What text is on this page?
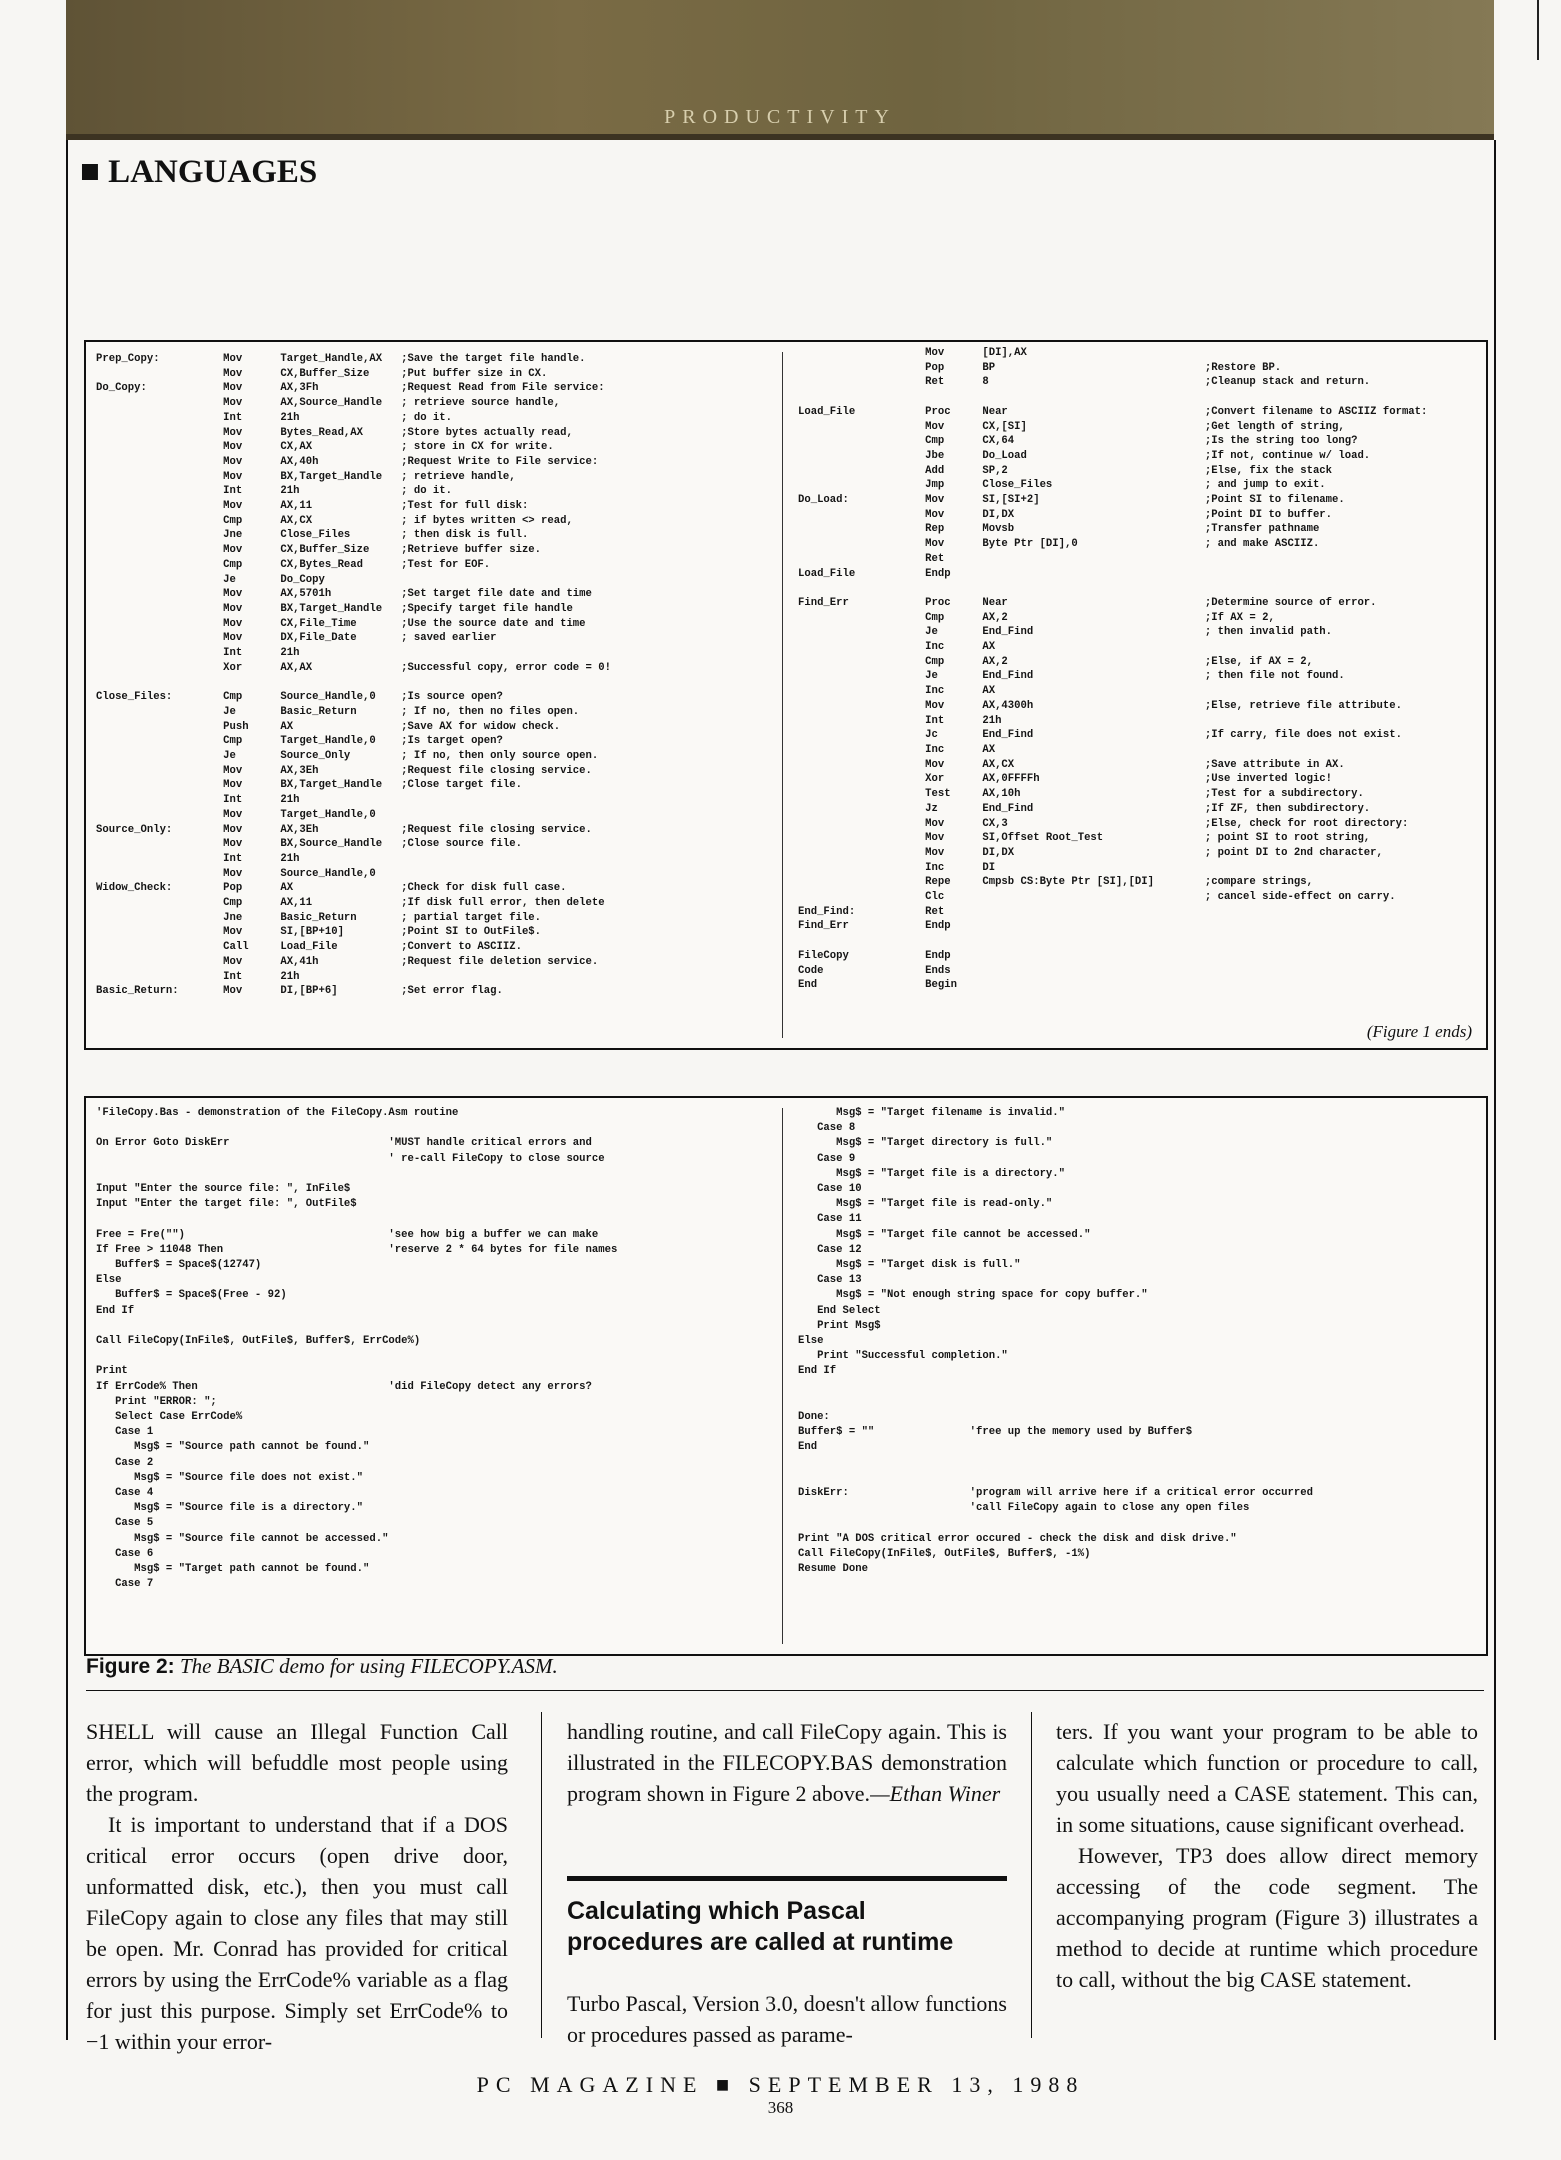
PRODUCTIVITY
■ LANGUAGES
Prep_Copy:          Mov      Target_Handle,AX   ;Save the target file handle.
Mov      CX,Buffer_Size     ;Put buffer size in CX.
Do_Copy:            Mov      AX,3Fh             ;Request Read from File service:
Mov      AX,Source_Handle   ; retrieve source handle,
Int      21h                ; do it.
Mov      Bytes_Read,AX      ;Store bytes actually read,
Mov      CX,AX              ; store in CX for write.
Mov      AX,40h             ;Request Write to File service:
Mov      BX,Target_Handle   ; retrieve handle,
Int      21h                ; do it.
Mov      AX,11              ;Test for full disk:
Cmp      AX,CX              ; if bytes written <> read,
Jne      Close_Files        ; then disk is full.
Mov      CX,Buffer_Size     ;Retrieve buffer size.
Cmp      CX,Bytes_Read      ;Test for EOF.
Je       Do_Copy
Mov      AX,5701h           ;Set target file date and time
Mov      BX,Target_Handle   ;Specify target file handle
Mov      CX,File_Time       ;Use the source date and time
Mov      DX,File_Date       ; saved earlier
Int      21h
Xor      AX,AX              ;Successful copy, error code = 0!

Close_Files:        Cmp      Source_Handle,0    ;Is source open?
Je       Basic_Return       ; If no, then no files open.
Push     AX                 ;Save AX for widow check.
Cmp      Target_Handle,0    ;Is target open?
Je       Source_Only        ; If no, then only source open.
Mov      AX,3Eh             ;Request file closing service.
Mov      BX,Target_Handle   ;Close target file.
Int      21h
Mov      Target_Handle,0
Source_Only:        Mov      AX,3Eh             ;Request file closing service.
Mov      BX,Source_Handle   ;Close source file.
Int      21h
Mov      Source_Handle,0
Widow_Check:        Pop      AX                 ;Check for disk full case.
Cmp      AX,11              ;If disk full error, then delete
Jne      Basic_Return       ; partial target file.
Mov      SI,[BP+10]         ;Point SI to OutFile$.
Call     Load_File          ;Convert to ASCIIZ.
Mov      AX,41h             ;Request file deletion service.
Int      21h
Basic_Return:       Mov      DI,[BP+6]          ;Set error flag.
Mov      [DI],AX
Pop      BP                                 ;Restore BP.
Ret      8                                  ;Cleanup stack and return.

Load_File           Proc     Near                               ;Convert filename to ASCIIZ format:
Mov      CX,[SI]                            ;Get length of string,
Cmp      CX,64                              ;Is the string too long?
Jbe      Do_Load                            ;If not, continue w/ load.
Add      SP,2                               ;Else, fix the stack
Jmp      Close_Files                        ; and jump to exit.
Do_Load:            Mov      SI,[SI+2]                          ;Point SI to filename.
Mov      DI,DX                              ;Point DI to buffer.
Rep      Movsb                              ;Transfer pathname
Mov      Byte Ptr [DI],0                    ; and make ASCIIZ.
Ret
Load_File           Endp

Find_Err            Proc     Near                               ;Determine source of error.
Cmp      AX,2                               ;If AX = 2,
Je       End_Find                           ; then invalid path.
Inc      AX
Cmp      AX,2                               ;Else, if AX = 2,
Je       End_Find                           ; then file not found.
Inc      AX
Mov      AX,4300h                           ;Else, retrieve file attribute.
Int      21h
Jc       End_Find                           ;If carry, file does not exist.
Inc      AX
Mov      AX,CX                              ;Save attribute in AX.
Xor      AX,0FFFFh                          ;Use inverted logic!
Test     AX,10h                             ;Test for a subdirectory.
Jz       End_Find                           ;If ZF, then subdirectory.
Mov      CX,3                               ;Else, check for root directory:
Mov      SI,Offset Root_Test                ; point SI to root string,
Mov      DI,DX                              ; point DI to 2nd character,
Inc      DI
Repe     Cmpsb CS:Byte Ptr [SI],[DI]        ;compare strings,
Clc                                         ; cancel side-effect on carry.
End_Find:           Ret
Find_Err            Endp

FileCopy            Endp
Code                Ends
End                 Begin
(Figure 1 ends)
'FileCopy.Bas - demonstration of the FileCopy.Asm routine

On Error Goto DiskErr                         'MUST handle critical errors and
' re-call FileCopy to close source

Input "Enter the source file: ", InFile$
Input "Enter the target file: ", OutFile$

Free = Fre("")                                'see how big a buffer we can make
If Free > 11048 Then                          'reserve 2 * 64 bytes for file names
Buffer$ = Space$(12747)
Else
Buffer$ = Space$(Free - 92)
End If

Call FileCopy(InFile$, OutFile$, Buffer$, ErrCode%)

Print
If ErrCode% Then                              'did FileCopy detect any errors?
Print "ERROR: ";
Select Case ErrCode%
Case 1
Msg$ = "Source path cannot be found."
Case 2
Msg$ = "Source file does not exist."
Case 4
Msg$ = "Source file is a directory."
Case 5
Msg$ = "Source file cannot be accessed."
Case 6
Msg$ = "Target path cannot be found."
Case 7
Msg$ = "Target filename is invalid."
Case 8
Msg$ = "Target directory is full."
Case 9
Msg$ = "Target file is a directory."
Case 10
Msg$ = "Target file is read-only."
Case 11
Msg$ = "Target file cannot be accessed."
Case 12
Msg$ = "Target disk is full."
Case 13
Msg$ = "Not enough string space for copy buffer."
End Select
Print Msg$
Else
Print "Successful completion."
End If

Done:
Buffer$ = ""               'free up the memory used by Buffer$
End

DiskErr:                   'program will arrive here if a critical error occurred
'call FileCopy again to close any open files

Print "A DOS critical error occured - check the disk and disk drive."
Call FileCopy(InFile$, OutFile$, Buffer$, -1%)
Resume Done
Figure 2: The BASIC demo for using FILECOPY.ASM.

SHELL will cause an Illegal Function Call error, which will befuddle most people using the program.

It is important to understand that if a DOS critical error occurs (open drive door, unformatted disk, etc.), then you must call FileCopy again to close any files that may still be open. Mr. Conrad has provided for critical errors by using the ErrCode% variable as a flag for just this purpose. Simply set ErrCode% to −1 within your error-

handling routine, and call FileCopy again. This is illustrated in the FILECOPY.BAS demonstration program shown in Figure 2 above.—Ethan Winer

Calculating which Pascal procedures are called at runtime
Turbo Pascal, Version 3.0, doesn't allow functions or procedures passed as parame-

ters. If you want your program to be able to calculate which function or procedure to call, you usually need a CASE statement. This can, in some situations, cause significant overhead.

However, TP3 does allow direct memory accessing of the code segment. The accompanying program (Figure 3) illustrates a method to decide at runtime which procedure to call, without the big CASE statement.

PC MAGAZINE ■ SEPTEMBER 13, 1988
368
